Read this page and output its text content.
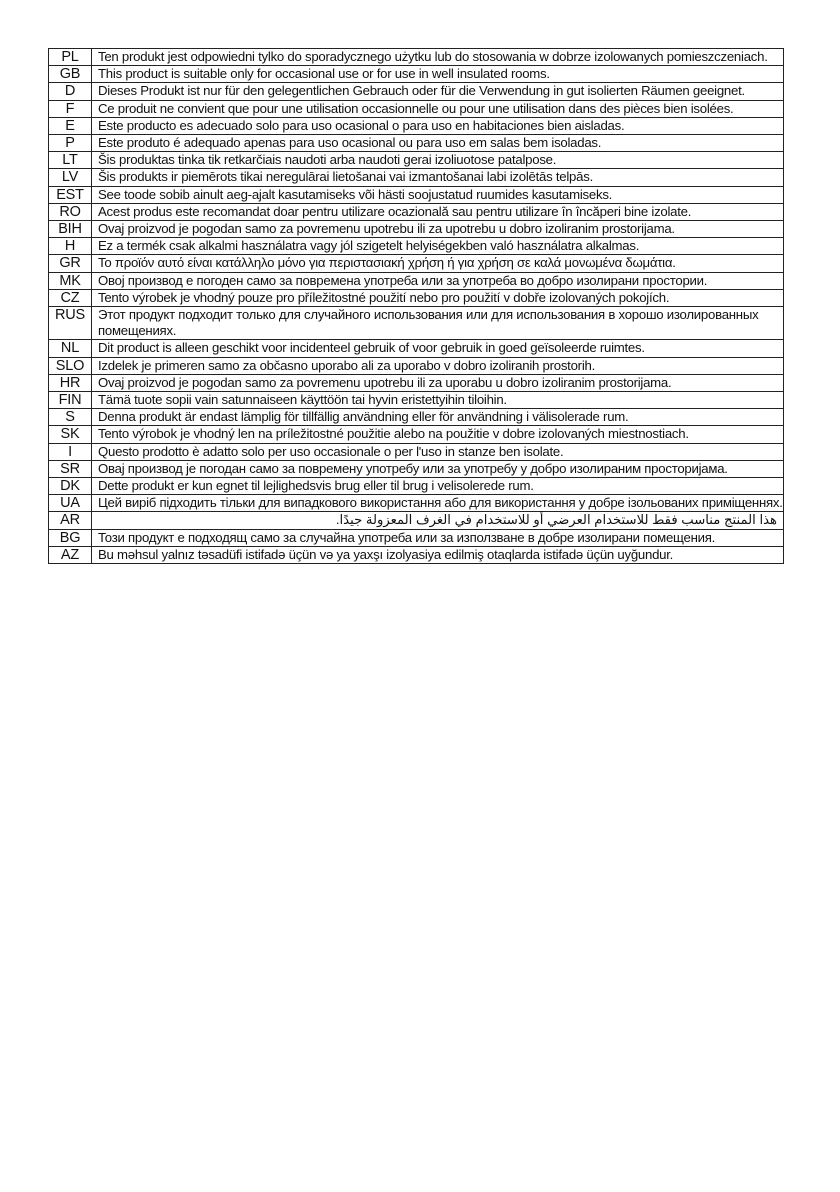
PL	Ten produkt jest odpowiedni tylko do sporadycznego użytku lub do stosowania w dobrze izolowanych pomieszczeniach.
GB	This product is suitable only for occasional use or for use in well insulated rooms.
D	Dieses Produkt ist nur für den gelegentlichen Gebrauch oder für die Verwendung in gut isolierten Räumen geeignet.
F	Ce produit ne convient que pour une utilisation occasionnelle ou pour une utilisation dans des pièces bien isolées.
E	Este producto es adecuado solo para uso ocasional o para uso en habitaciones bien aisladas.
P	Este produto é adequado apenas para uso ocasional ou para uso em salas bem isoladas.
LT	Šis produktas tinka tik retkarčiais naudoti arba naudoti gerai izoliuotose patalpose.
LV	Šis produkts ir piemērots tikai neregulārai lietošanai vai izmantošanai labi izolētās telpās.
EST	See toode sobib ainult aeg-ajalt kasutamiseks või hästi soojustatud ruumides kasutamiseks.
RO	Acest produs este recomandat doar pentru utilizare ocazională sau pentru utilizare în încăperi bine izolate.
BIH	Ovaj proizvod je pogodan samo za povremenu upotrebu ili za upotrebu u dobro izoliranim prostorijama.
H	Ez a termék csak alkalmi használatra vagy jól szigetelt helyiségekben való használatra alkalmas.
GR	Το προϊόν αυτό είναι κατάλληλο μόνο για περιστασιακή χρήση ή για χρήση σε καλά μονωμένα δωμάτια.
MK	Овој производ е погоден само за повремена употреба или за употреба во добро изолирани простории.
CZ	Tento výrobek je vhodný pouze pro příležitostné použití nebo pro použití v dobře izolovaných pokojích.
RUS	Этот продукт подходит только для случайного использования или для использования в хорошо изолированных помещениях.
NL	Dit product is alleen geschikt voor incidenteel gebruik of voor gebruik in goed geïsoleerde ruimtes.
SLO	Izdelek je primeren samo za občasno uporabo ali za uporabo v dobro izoliranih prostorih.
HR	Ovaj proizvod je pogodan samo za povremenu upotrebu ili za uporabu u dobro izoliranim prostorijama.
FIN	Tämä tuote sopii vain satunnaiseen käyttöön tai hyvin eristettyihin tiloihin.
S	Denna produkt är endast lämplig för tillfällig användning eller för användning i välisolerade rum.
SK	Tento výrobok je vhodný len na príležitostné použitie alebo na použitie v dobre izolovaných miestnostiach.
I	Questo prodotto è adatto solo per uso occasionale o per l'uso in stanze ben isolate.
SR	Овај производ је погодан само за повремену употребу или за употребу у добро изолираним просторијама.
DK	Dette produkt er kun egnet til lejlighedsvis brug eller til brug i velisolerede rum.
UA	Цей виріб підходить тільки для випадкового використання або для використання у добре ізольованих приміщеннях.
AR	هذا المنتج مناسب فقط للاستخدام العرضي أو للاستخدام في الغرف المعزولة جيدًا.
BG	Този продукт е подходящ само за случайна употреба или за използване в добре изолирани помещения.
AZ	Bu məhsul yalnız təsadüfi istifadə üçün və ya yaxşı izolyasiya edilmiş otaqlarda istifadə üçün uyğundur.
